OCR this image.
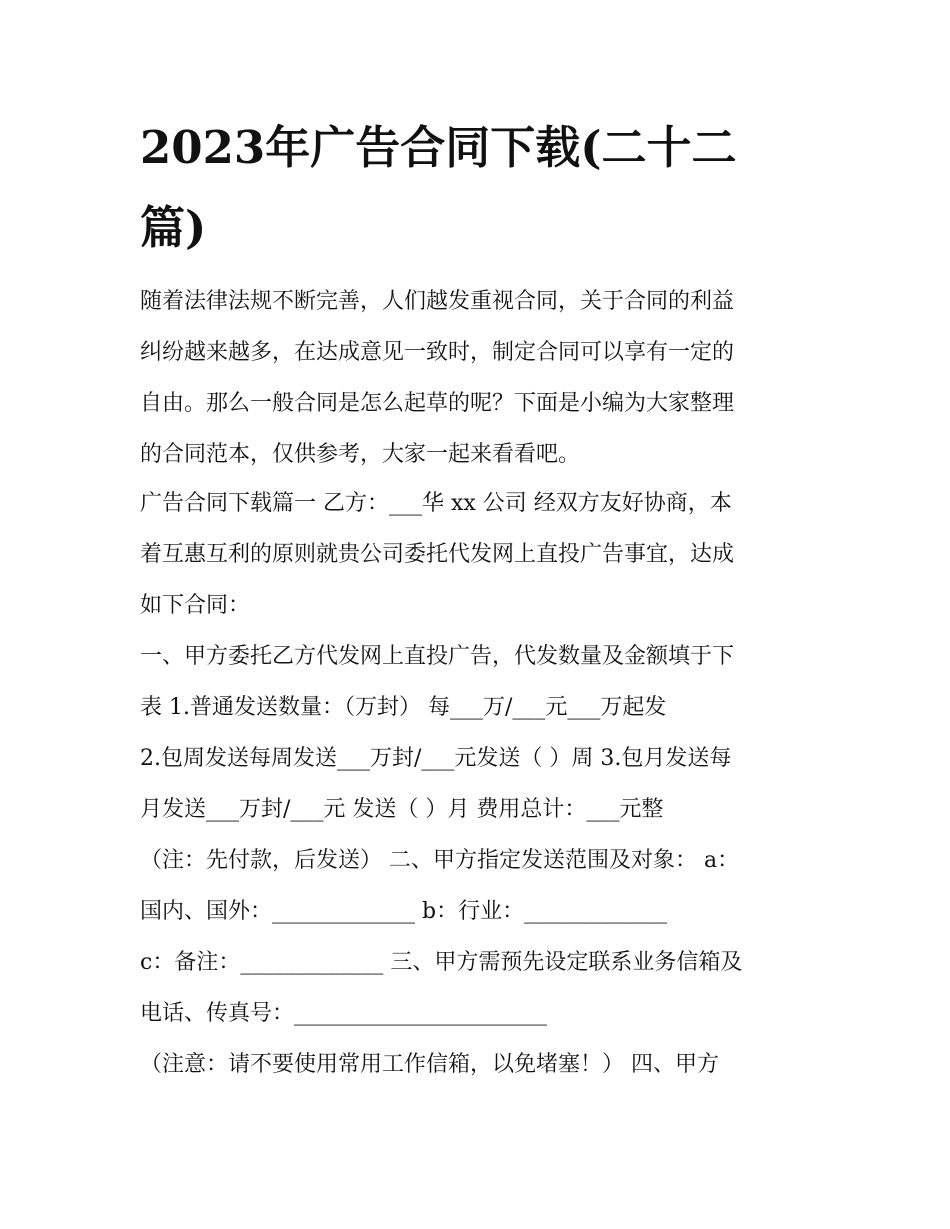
2023年广告合同下载(二十二
篇)
随着法律法规不断完善，人们越发重视合同，关于合同的利益
纠纷越来越多，在达成意见一致时，制定合同可以享有一定的
自由。那么一般合同是怎么起草的呢？下面是小编为大家整理
的合同范本，仅供参考，大家一起来看看吧。
广告合同下载篇一 乙方：___华 xx 公司 经双方友好协商，本
着互惠互利的原则就贵公司委托代发网上直投广告事宜，达成
如下合同：
一、甲方委托乙方代发网上直投广告，代发数量及金额填于下
表 1.普通发送数量：（万封） 每___万/___元___万起发
2.包周发送每周发送___万封/___元发送（ ）周 3.包月发送每
月发送___万封/___元 发送（ ）月 费用总计：___元整
（注：先付款，后发送） 二、甲方指定发送范围及对象： a：
国内、国外：_____________ b：行业：_____________
c：备注：_____________ 三、甲方需预先设定联系业务信箱及
电话、传真号：_______________________
（注意：请不要使用常用工作信箱，以免堵塞！） 四、甲方
